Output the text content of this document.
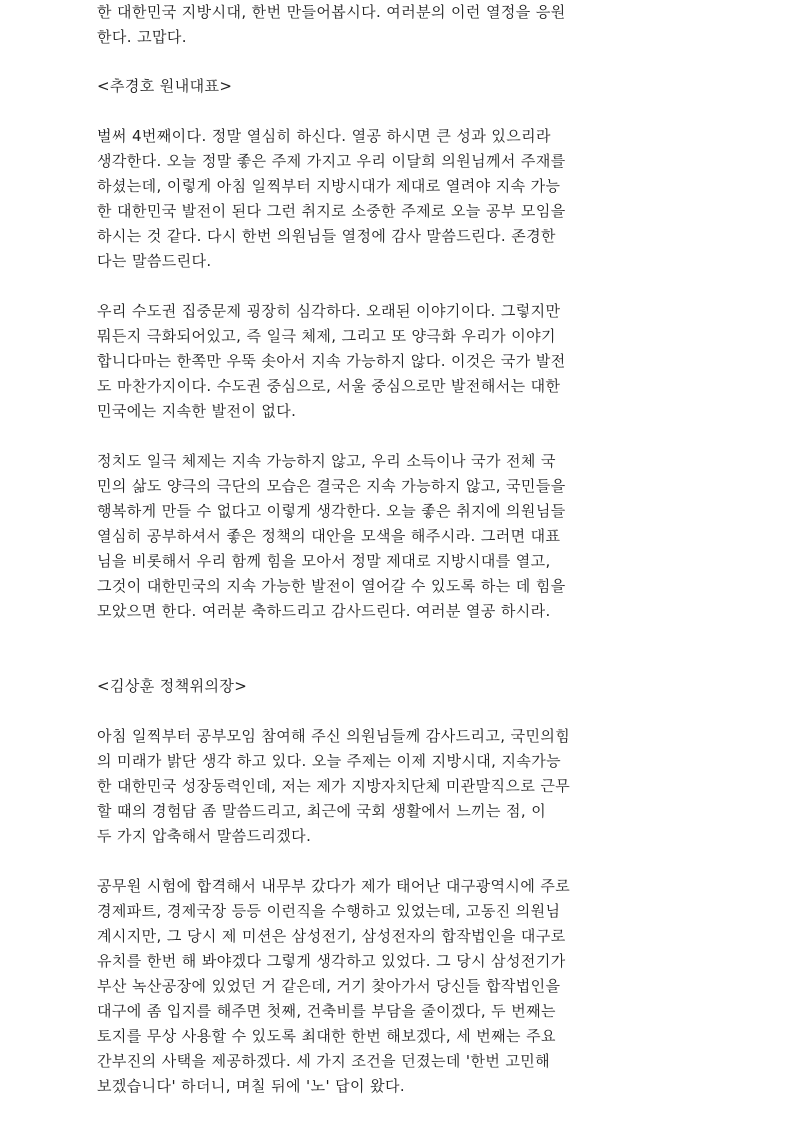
한 대한민국 지방시대, 한번 만들어봅시다. 여러분의 이런 열정을 응원
한다. 고맙다.
<추경호 원내대표>
벌써 4번째이다. 정말 열심히 하신다. 열공 하시면 큰 성과 있으리라
생각한다. 오늘 정말 좋은 주제 가지고 우리 이달희 의원님께서 주재를
하셨는데, 이렇게 아침 일찍부터 지방시대가 제대로 열려야 지속 가능
한 대한민국 발전이 된다 그런 취지로 소중한 주제로 오늘 공부 모임을
하시는 것 같다. 다시 한번 의원님들 열정에 감사 말씀드린다. 존경한
다는 말씀드린다.
우리 수도권 집중문제 굉장히 심각하다. 오래된 이야기이다. 그렇지만
뭐든지 극화되어있고, 즉 일극 체제, 그리고 또 양극화 우리가 이야기
합니다마는 한쪽만 우뚝 솟아서 지속 가능하지 않다. 이것은 국가 발전
도 마찬가지이다. 수도권 중심으로, 서울 중심으로만 발전해서는 대한
민국에는 지속한 발전이 없다.
정치도 일극 체제는 지속 가능하지 않고, 우리 소득이나 국가 전체 국
민의 삶도 양극의 극단의 모습은 결국은 지속 가능하지 않고, 국민들을
행복하게 만들 수 없다고 이렇게 생각한다. 오늘 좋은 취지에 의원님들
열심히 공부하셔서 좋은 정책의 대안을 모색을 해주시라. 그러면 대표
님을 비롯해서 우리 함께 힘을 모아서 정말 제대로 지방시대를 열고,
그것이 대한민국의 지속 가능한 발전이 열어갈 수 있도록 하는 데 힘을
모았으면 한다. 여러분 축하드리고 감사드린다. 여러분 열공 하시라.
<김상훈 정책위의장>
아침 일찍부터 공부모임 참여해 주신 의원님들께 감사드리고, 국민의힘
의 미래가 밝단 생각 하고 있다. 오늘 주제는 이제 지방시대, 지속가능
한 대한민국 성장동력인데, 저는 제가 지방자치단체 미관말직으로 근무
할 때의 경험담 좀 말씀드리고, 최근에 국회 생활에서 느끼는 점, 이
두 가지 압축해서 말씀드리겠다.
공무원 시험에 합격해서 내무부 갔다가 제가 태어난 대구광역시에 주로
경제파트, 경제국장 등등 이런직을 수행하고 있었는데, 고동진 의원님
계시지만, 그 당시 제 미션은 삼성전기, 삼성전자의 합작법인을 대구로
유치를 한번 해 봐야겠다 그렇게 생각하고 있었다. 그 당시 삼성전기가
부산 녹산공장에 있었던 거 같은데, 거기 찾아가서 당신들 합작법인을
대구에 좀 입지를 해주면 첫째, 건축비를 부담을 줄이겠다, 두 번째는
토지를 무상 사용할 수 있도록 최대한 한번 해보겠다, 세 번째는 주요
간부진의 사택을 제공하겠다. 세 가지 조건을 던졌는데 '한번 고민해
보겠습니다' 하더니, 며칠 뒤에 '노' 답이 왔다.
